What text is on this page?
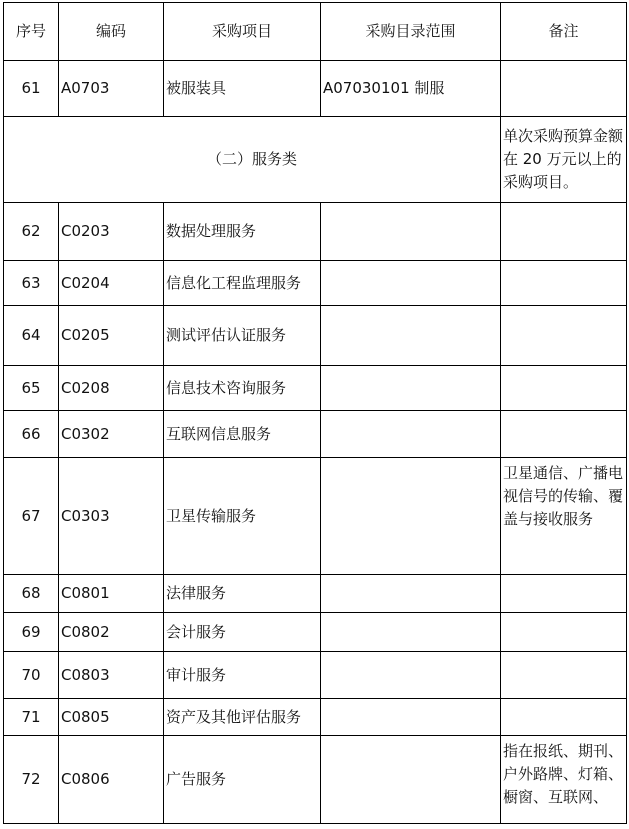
序号	编码	采购项目	采购目录范围	备注
61	A0703	被服装具	A07030101 制服	
（二）服务类				单次采购预算金额在 20 万元以上的采购项目。
62	C0203	数据处理服务		
63	C0204	信息化工程监理服务		
64	C0205	测试评估认证服务		
65	C0208	信息技术咨询服务		
66	C0302	互联网信息服务		
67	C0303	卫星传输服务		卫星通信、广播电视信号的传输、覆盖与接收服务
68	C0801	法律服务		
69	C0802	会计服务		
70	C0803	审计服务		
71	C0805	资产及其他评估服务		
72	C0806	广告服务		指在报纸、期刊、户外路牌、灯箱、橱窗、互联网、
